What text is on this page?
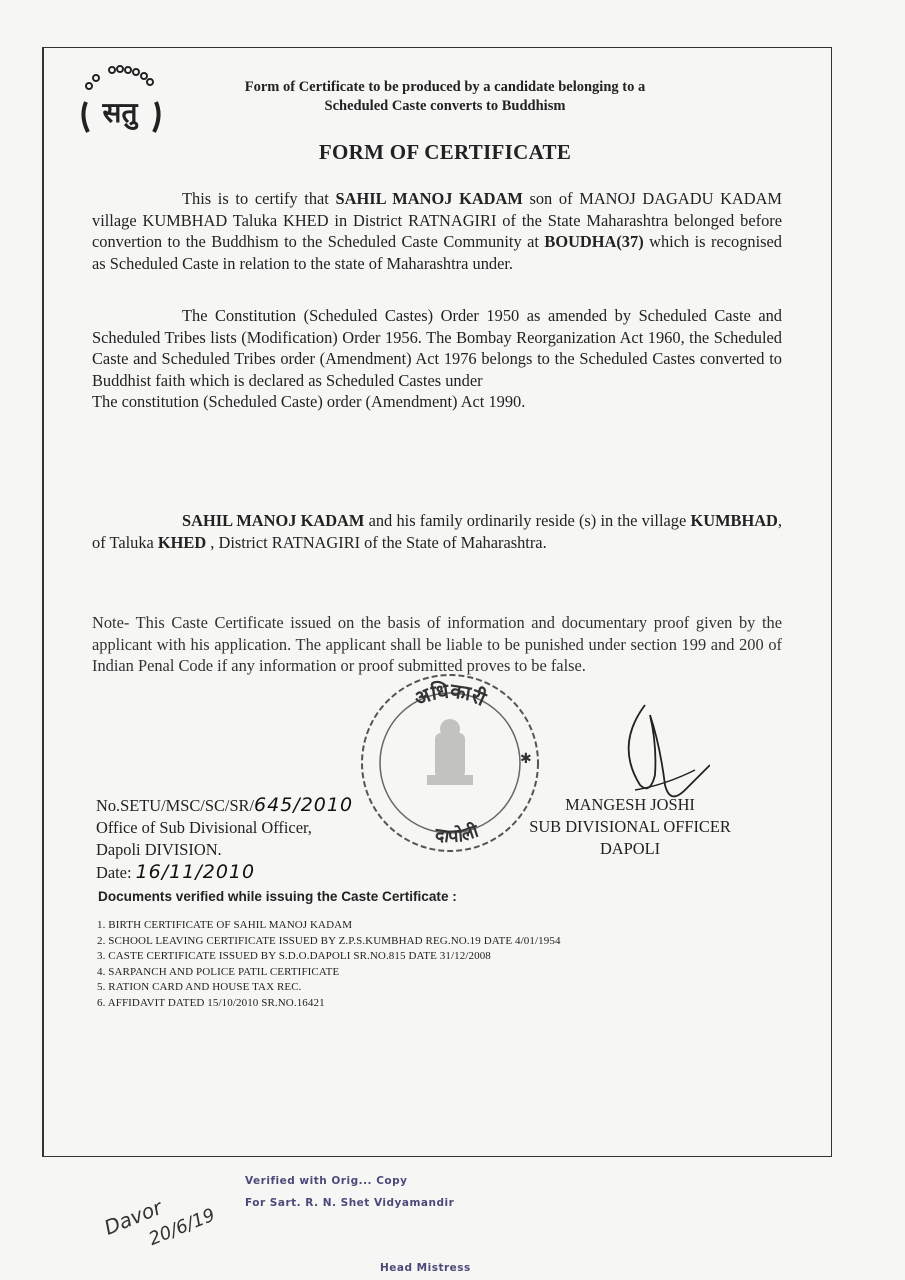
सतु
Form of Certificate to be produced by a candidate belonging to a
Scheduled Caste converts to Buddhism
FORM OF CERTIFICATE

This is to certify that SAHIL MANOJ KADAM son of MANOJ DAGADU KADAM village KUMBHAD Taluka KHED in District RATNAGIRI of the State Maharashtra belonged before convertion to the Buddhism to the Scheduled Caste Community at BOUDHA(37) which is recognised as Scheduled Caste in relation to the state of Maharashtra under.

The Constitution (Scheduled Castes) Order 1950 as amended by Scheduled Caste and Scheduled Tribes lists (Modification) Order 1956. The Bombay Reorganization Act 1960, the Scheduled Caste and Scheduled Tribes order (Amendment) Act 1976 belongs to the Scheduled Castes converted to Buddhist faith which is declared as Scheduled Castes under

The constitution (Scheduled Caste) order (Amendment) Act 1990.

SAHIL MANOJ KADAM and his family ordinarily reside (s) in the village KUMBHAD, of Taluka KHED , District RATNAGIRI of the State of Maharashtra.

Note- This Caste Certificate issued on the basis of information and documentary proof given by the applicant with his application. The applicant shall be liable to be punished under section 199 and 200 of Indian Penal Code if any information or proof submitted proves to be false.
अधिकारी
दापोली
✱
No.SETU/MSC/SC/SR/645/2010
Office of Sub Divisional Officer,
Dapoli DIVISION.
Date: 16/11/2010
MANGESH JOSHI
SUB DIVISIONAL OFFICER
DAPOLI
Documents verified while issuing the Caste Certificate :
1. BIRTH CERTIFICATE OF SAHIL MANOJ KADAM
2. SCHOOL LEAVING CERTIFICATE ISSUED BY Z.P.S.KUMBHAD REG.NO.19 DATE 4/01/1954
3. CASTE CERTIFICATE ISSUED BY S.D.O.DAPOLI SR.NO.815 DATE 31/12/2008
4. SARPANCH AND POLICE PATIL CERTIFICATE
5. RATION CARD AND HOUSE TAX REC.
6. AFFIDAVIT DATED 15/10/2010 SR.NO.16421
Verified with Orig... Copy
For Sart. R. N. Shet Vidyamandir
Head Mistress
Davor
20/6/19
